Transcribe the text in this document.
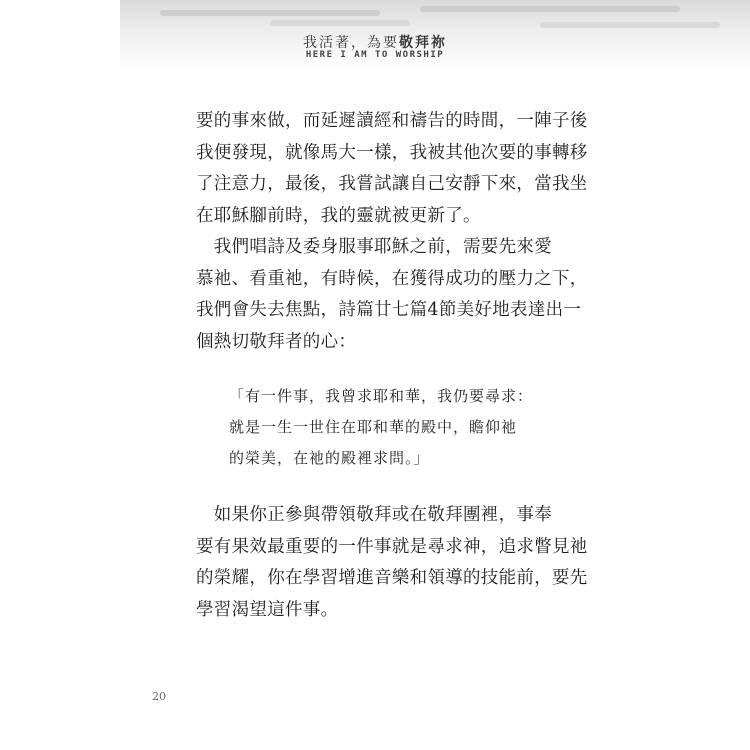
我活著，為要敬拜祢
HERE I AM TO WORSHIP

要的事來做，而延遲讀經和禱告的時間，一陣子後
我便發現，就像馬大一樣，我被其他次要的事轉移
了注意力，最後，我嘗試讓自己安靜下來，當我坐
在耶穌腳前時，我的靈就被更新了。

　我們唱詩及委身服事耶穌之前，需要先來愛
慕祂、看重祂，有時候，在獲得成功的壓力之下，
我們會失去焦點，詩篇廿七篇4節美好地表達出一
個熱切敬拜者的心：

「有一件事，我曾求耶和華，我仍要尋求：
就是一生一世住在耶和華的殿中，瞻仰祂
的榮美，在祂的殿裡求問。」

　如果你正參與帶領敬拜或在敬拜團裡，事奉
要有果效最重要的一件事就是尋求神，追求瞥見祂
的榮耀，你在學習增進音樂和領導的技能前，要先
學習渴望這件事。

20
